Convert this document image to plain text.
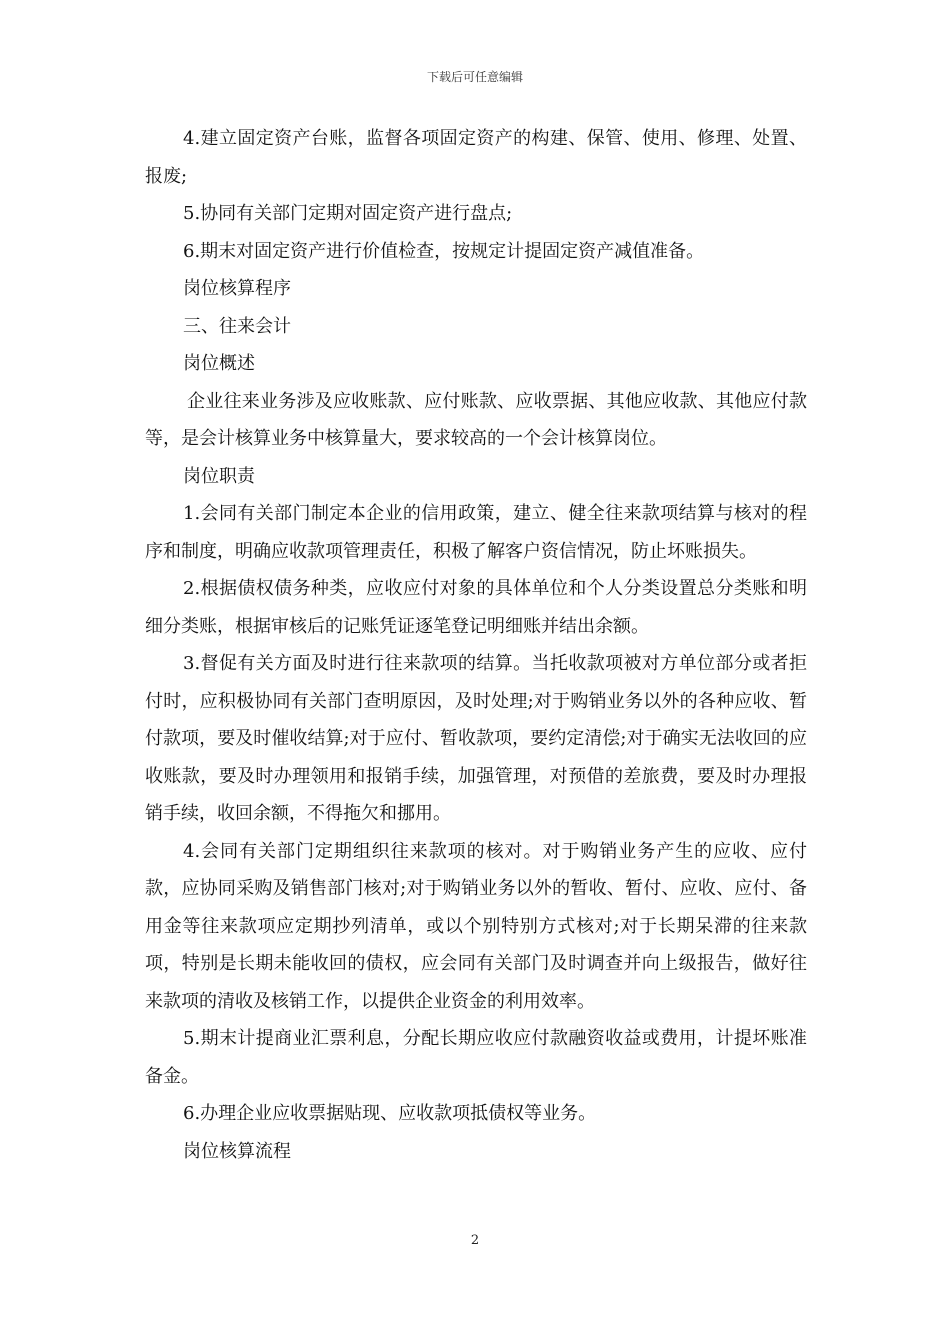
下载后可任意编辑

4.建立固定资产台账，监督各项固定资产的构建、保管、使用、修理、处置、报废;

5.协同有关部门定期对固定资产进行盘点;

6.期末对固定资产进行价值检查，按规定计提固定资产减值准备。

岗位核算程序

三、往来会计

岗位概述

企业往来业务涉及应收账款、应付账款、应收票据、其他应收款、其他应付款等，是会计核算业务中核算量大，要求较高的一个会计核算岗位。

岗位职责

1.会同有关部门制定本企业的信用政策，建立、健全往来款项结算与核对的程序和制度，明确应收款项管理责任，积极了解客户资信情况，防止坏账损失。

2.根据债权债务种类，应收应付对象的具体单位和个人分类设置总分类账和明细分类账，根据审核后的记账凭证逐笔登记明细账并结出余额。

3.督促有关方面及时进行往来款项的结算。当托收款项被对方单位部分或者拒付时，应积极协同有关部门查明原因，及时处理;对于购销业务以外的各种应收、暂付款项，要及时催收结算;对于应付、暂收款项，要约定清偿;对于确实无法收回的应收账款，要及时办理领用和报销手续，加强管理，对预借的差旅费，要及时办理报销手续，收回余额，不得拖欠和挪用。

4.会同有关部门定期组织往来款项的核对。对于购销业务产生的应收、应付款，应协同采购及销售部门核对;对于购销业务以外的暂收、暂付、应收、应付、备用金等往来款项应定期抄列清单，或以个别特别方式核对;对于长期呆滞的往来款项，特别是长期未能收回的债权，应会同有关部门及时调查并向上级报告，做好往来款项的清收及核销工作，以提供企业资金的利用效率。

5.期末计提商业汇票利息，分配长期应收应付款融资收益或费用，计提坏账准备金。

6.办理企业应收票据贴现、应收款项抵债权等业务。

岗位核算流程

2
